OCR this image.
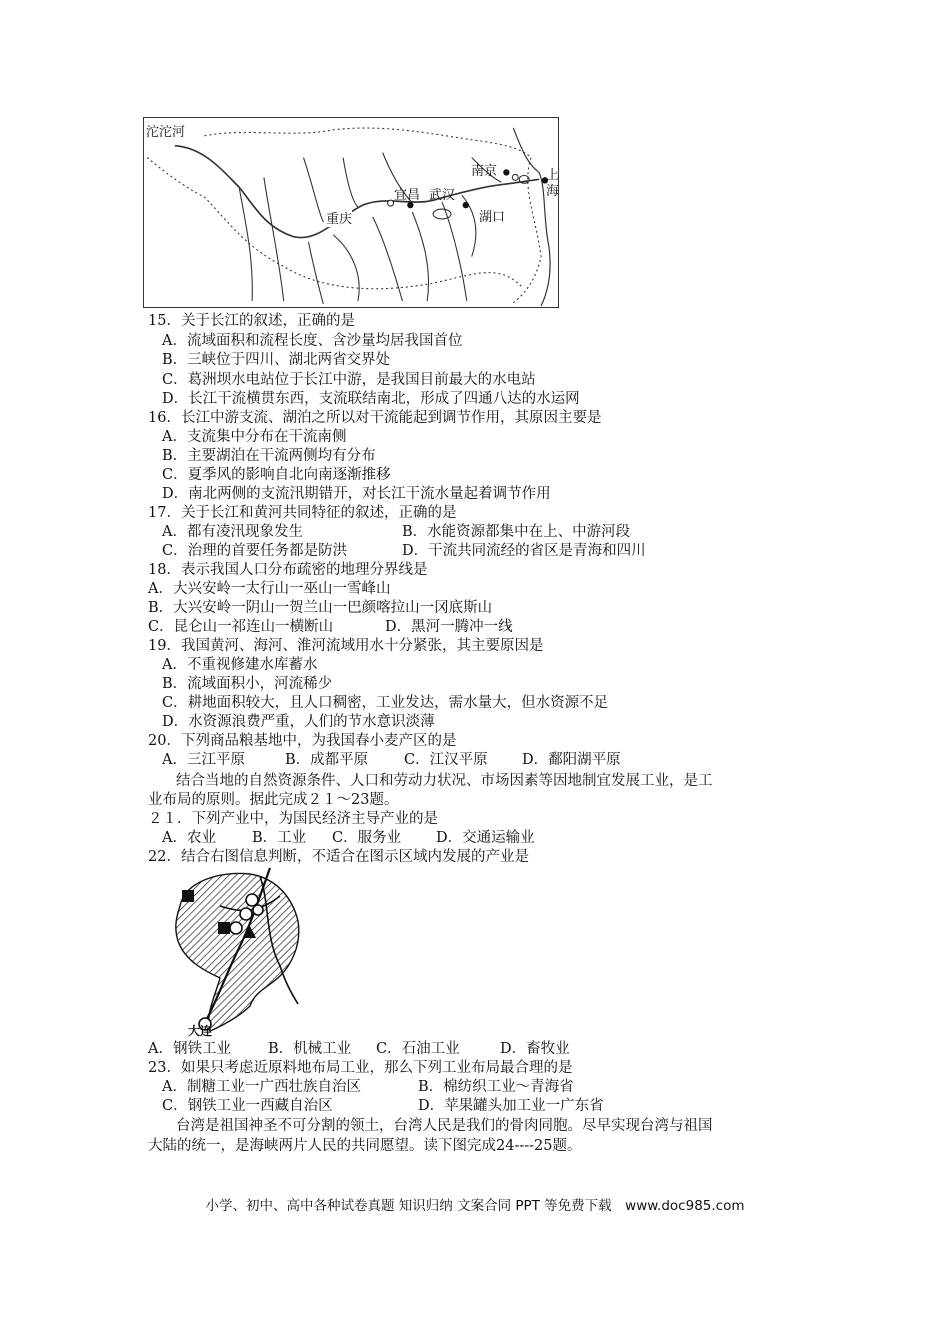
沱沱河
南京	上
海
宜昌 武汉
重庆	湖口
15．关于长江的叙述，正确的是
A．流域面积和流程长度、含沙量均居我国首位
B．三峡位于四川、湖北两省交界处
C．葛洲坝水电站位于长江中游，是我国目前最大的水电站
D．长江干流横贯东西，支流联结南北，形成了四通八达的水运网
16．长江中游支流、湖泊之所以对干流能起到调节作用，其原因主要是
A．支流集中分布在干流南侧
B．主要湖泊在干流两侧均有分布
C．夏季风的影响自北向南逐渐推移
D．南北两侧的支流汛期错开，对长江干流水量起着调节作用
17．关于长江和黄河共同特征的叙述，正确的是
A．都有凌汛现象发生	B．水能资源都集中在上、中游河段
C．治理的首要任务都是防洪	D．干流共同流经的省区是青海和四川
18．表示我国人口分布疏密的地理分界线是
A．大兴安岭一太行山一巫山一雪峰山
B．大兴安岭一阴山一贺兰山一巴颜喀拉山一冈底斯山
C．昆仑山一祁连山一横断山	D．黑河一腾冲一线
19．我国黄河、海河、淮河流域用水十分紧张，其主要原因是
A．不重视修建水库蓄水
B．流域面积小，河流稀少
C．耕地面积较大，且人口稠密，工业发达，需水量大，但水资源不足
D．水资源浪费严重，人们的节水意识淡薄
20．下列商品粮基地中，为我国春小麦产区的是
A．三江平原	B．成都平原 C．江汉平原 D．鄱阳湖平原
结合当地的自然资源条件、人口和劳动力状况、市场因素等因地制宜发展工业，是工
业布局的原则。据此完成２１～23题。
２１．下列产业中，为国民经济主导产业的是
A．农业 B．工业 C．服务业 D．交通运输业
22．结合右图信息判断，不适合在图示区域内发展的产业是
大连
A．钢铁工业	B．机械工业 C．石油工业	D．畜牧业
23．如果只考虑近原料地布局工业，那么下列工业布局最合理的是
A．制糖工业一广西壮族自治区	B．棉纺织工业～青海省
C．钢铁工业一西藏自治区	D．苹果罐头加工业一广东省
台湾是祖国神圣不可分割的领土，台湾人民是我们的骨肉同胞。尽早实现台湾与祖国
大陆的统一，是海峡两片人民的共同愿望。读下图完成24----25题。
小学、初中、高中各种试卷真题 知识归纳 文案合同 PPT 等免费下载　www.doc985.com
